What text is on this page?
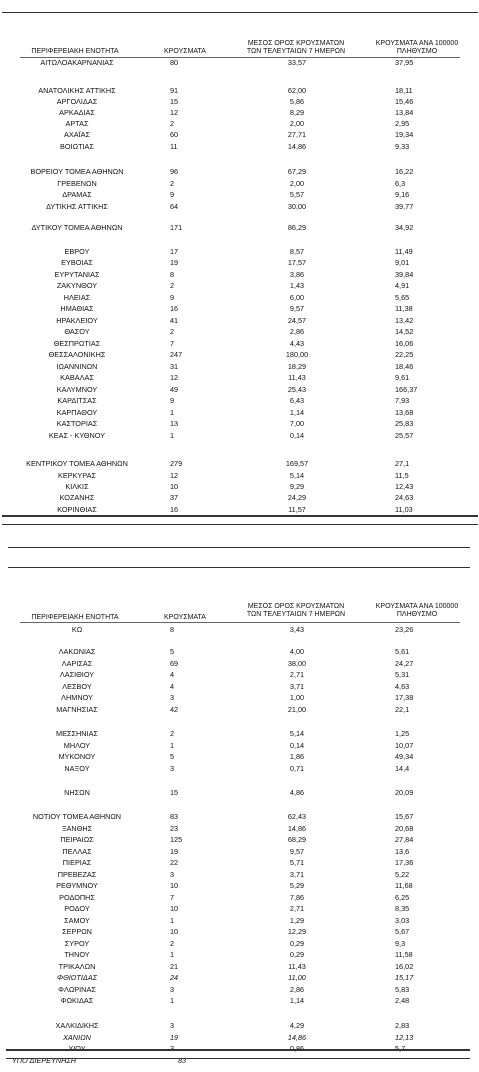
ΠΕΡΙΦΕΡΕΙΑΚΗ ΕΝΟΤΗΤΑ	ΚΡΟΥΣΜΑΤΑ
ΜΕΣΟΣ ΟΡΟΣ ΚΡΟΥΣΜΑΤΩΝ
ΤΩΝ ΤΕΛΕΥΤΑΙΩΝ 7 ΗΜΕΡΩΝ
ΚΡΟΥΣΜΑΤΑ ΑΝΑ 100000
ΠΛΗΘΥΣΜΟ
ΑΙΤΩΛΟΑΚΑΡΝΑΝΙΑΣ	80	33,57	37,95
ΑΝΑΤΟΛΙΚΗΣ ΑΤΤΙΚΗΣ	91	62,00	18,11
ΑΡΓΟΛΙΔΑΣ	15	5,86	15,46
ΑΡΚΑΔΙΑΣ	12	8,29	13,84
ΑΡΤΑΣ	2	2,00	2,95
ΑΧΑΪΑΣ	60	27,71	19,34
ΒΟΙΩΤΙΑΣ	11	14,86	9,33
ΒΟΡΕΙΟΥ ΤΟΜΕΑ ΑΘΗΝΩΝ	96	67,29	16,22
ΓΡΕΒΕΝΩΝ	2	2,00	6,3
ΔΡΑΜΑΣ	9	5,57	9,16
ΔΥΤΙΚΗΣ ΑΤΤΙΚΗΣ	64	30,00	39,77
ΔΥΤΙΚΟΥ ΤΟΜΕΑ ΑΘΗΝΩΝ	171	86,29	34,92
ΕΒΡΟΥ	17	8,57	11,49
ΕΥΒΟΙΑΣ	19	17,57	9,01
ΕΥΡΥΤΑΝΙΑΣ	8	3,86	39,84
ΖΑΚΥΝΘΟΥ	2	1,43	4,91
ΗΛΕΙΑΣ	9	6,00	5,65
ΗΜΑΘΙΑΣ	16	9,57	11,38
ΗΡΑΚΛΕΙΟΥ	41	24,57	13,42
ΘΑΣΟΥ	2	2,86	14,52
ΘΕΣΠΡΩΤΙΑΣ	7	4,43	16,06
ΘΕΣΣΑΛΟΝΙΚΗΣ	247	180,00	22,25
ΙΩΑΝΝΙΝΩΝ	31	18,29	18,46
ΚΑΒΑΛΑΣ	12	11,43	9,61
ΚΑΛΥΜΝΟΥ	49	25,43	166,37
ΚΑΡΔΙΤΣΑΣ	9	6,43	7,93
ΚΑΡΠΑΘΟΥ	1	1,14	13,68
ΚΑΣΤΟΡΙΑΣ	13	7,00	25,83
ΚΕΑΣ - ΚΥΘΝΟΥ	1	0,14	25,57
ΚΕΝΤΡΙΚΟΥ ΤΟΜΕΑ ΑΘΗΝΩΝ	279	169,57	27,1
ΚΕΡΚΥΡΑΣ	12	5,14	11,5
ΚΙΛΚΙΣ	10	9,29	12,43
ΚΟΖΑΝΗΣ	37	24,29	24,63
ΚΟΡΙΝΘΙΑΣ	16	11,57	11,03
ΠΕΡΙΦΕΡΕΙΑΚΗ ΕΝΟΤΗΤΑ	ΚΡΟΥΣΜΑΤΑ
ΜΕΣΟΣ ΟΡΟΣ ΚΡΟΥΣΜΑΤΩΝ
ΤΩΝ ΤΕΛΕΥΤΑΙΩΝ 7 ΗΜΕΡΩΝ
ΚΡΟΥΣΜΑΤΑ ΑΝΑ 100000
ΠΛΗΘΥΣΜΟ
ΚΩ	8	3,43	23,26
ΛΑΚΩΝΙΑΣ	5	4,00	5,61
ΛΑΡΙΣΑΣ	69	38,00	24,27
ΛΑΣΙΘΙΟΥ	4	2,71	5,31
ΛΕΣΒΟΥ	4	3,71	4,63
ΛΗΜΝΟΥ	3	1,00	17,38
ΜΑΓΝΗΣΙΑΣ	42	21,00	22,1
ΜΕΣΣΗΝΙΑΣ	2	5,14	1,25
ΜΗΛΟΥ	1	0,14	10,07
ΜΥΚΟΝΟΥ	5	1,86	49,34
ΝΑΞΟΥ	3	0,71	14,4
ΝΗΣΩΝ	15	4,86	20,09
ΝΟΤΙΟΥ ΤΟΜΕΑ ΑΘΗΝΩΝ	83	62,43	15,67
ΞΑΝΘΗΣ	23	14,86	20,68
ΠΕΙΡΑΙΩΣ	125	68,29	27,84
ΠΕΛΛΑΣ	19	9,57	13,6
ΠΙΕΡΙΑΣ	22	5,71	17,36
ΠΡΕΒΕΖΑΣ	3	3,71	5,22
ΡΕΘΥΜΝΟΥ	10	5,29	11,68
ΡΟΔΟΠΗΣ	7	7,86	6,25
ΡΟΔΟΥ	10	2,71	8,35
ΣΑΜΟΥ	1	1,29	3,03
ΣΕΡΡΩΝ	10	12,29	5,67
ΣΥΡΟΥ	2	0,29	9,3
ΤΗΝΟΥ	1	0,29	11,58
ΤΡΙΚΑΛΩΝ	21	11,43	16,02
ΦΘΙΩΤΙΔΑΣ	24	11,00	15,17
ΦΛΩΡΙΝΑΣ	3	2,86	5,83
ΦΩΚΙΔΑΣ	1	1,14	2,48
ΧΑΛΚΙΔΙΚΗΣ	3	4,29	2,83
ΧΑΝΙΩΝ	19	14,86	12,13
ΧΙΟΥ	3	0,86	5,7
ΥΠΟ ΔΙΕΡΕΥΝΗΣΗ	83
